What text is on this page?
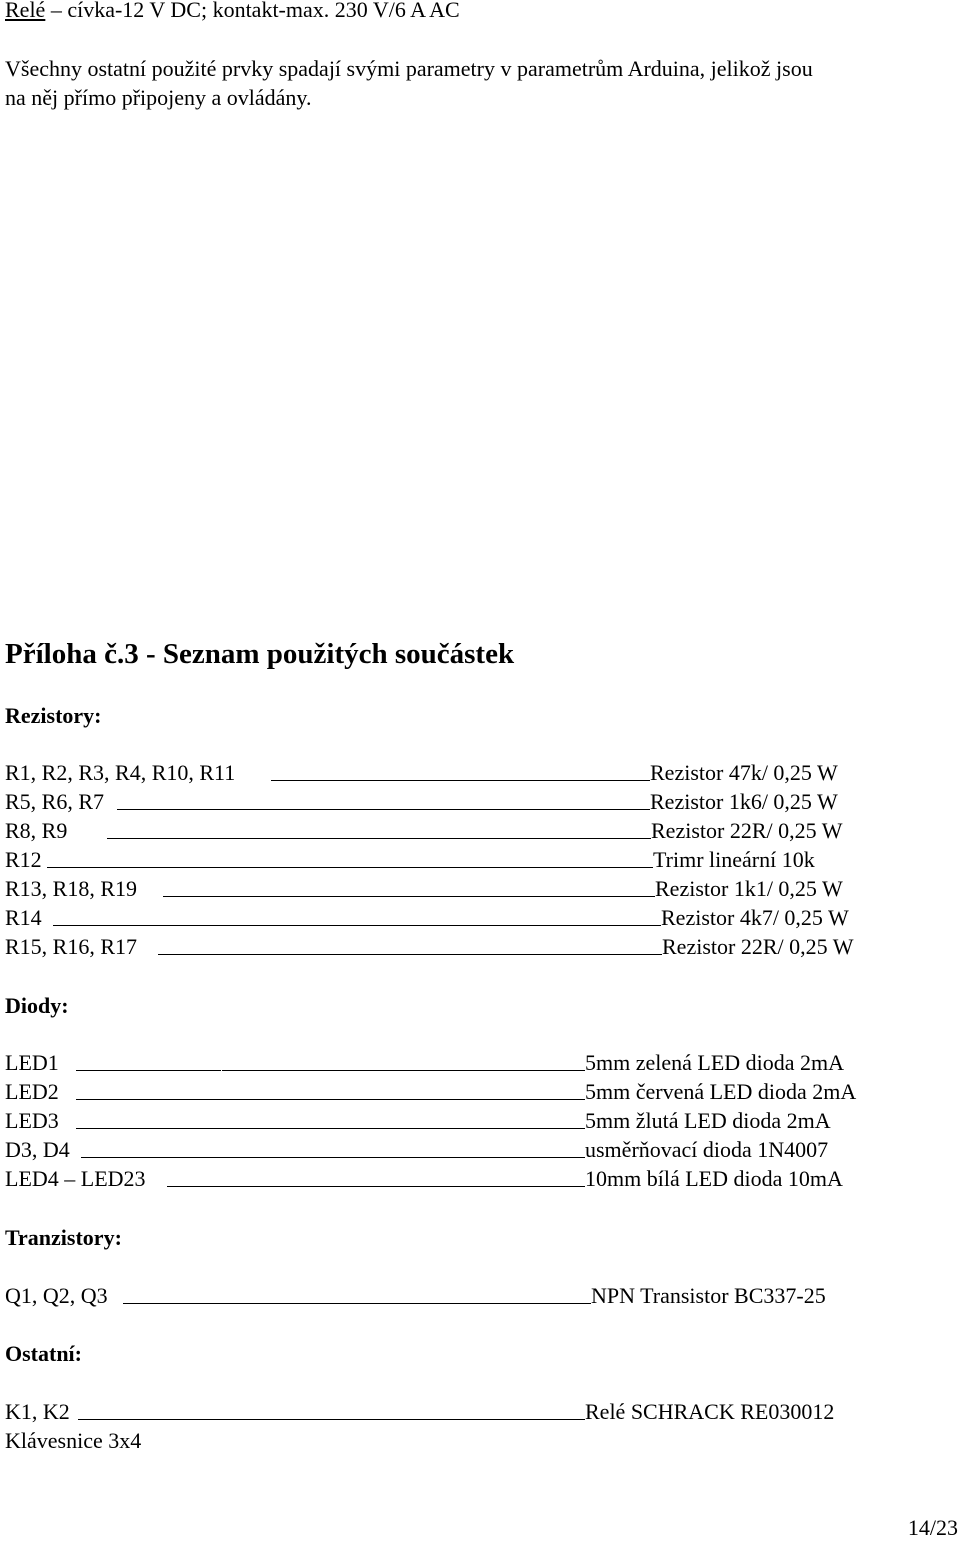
Relé – cívka-12 V DC; kontakt-max. 230 V/6 A AC
Všechny ostatní použité prvky spadají svými parametry v parametrům Arduina, jelikož jsou
na něj přímo připojeny a ovládány.
Příloha č.3 - Seznam použitých součástek
Rezistory:
R1, R2, R3, R4, R10, R11	Rezistor 47k/ 0,25 W
R5, R6, R7	Rezistor 1k6/ 0,25 W
R8, R9	Rezistor 22R/ 0,25 W
R12	Trimr lineární 10k
R13, R18, R19	Rezistor 1k1/ 0,25 W
R14	Rezistor 4k7/ 0,25 W
R15, R16, R17	Rezistor 22R/ 0,25 W
Diody:
LED1	5mm zelená LED dioda 2mA
LED2	5mm červená LED dioda 2mA
LED3	5mm žlutá LED dioda 2mA
D3, D4	usměrňovací dioda 1N4007
LED4 – LED23	10mm bílá LED dioda 10mA
Tranzistory:
Q1, Q2, Q3	NPN Transistor BC337-25
Ostatní:
K1, K2	Relé SCHRACK RE030012
Klávesnice 3x4
14/23
